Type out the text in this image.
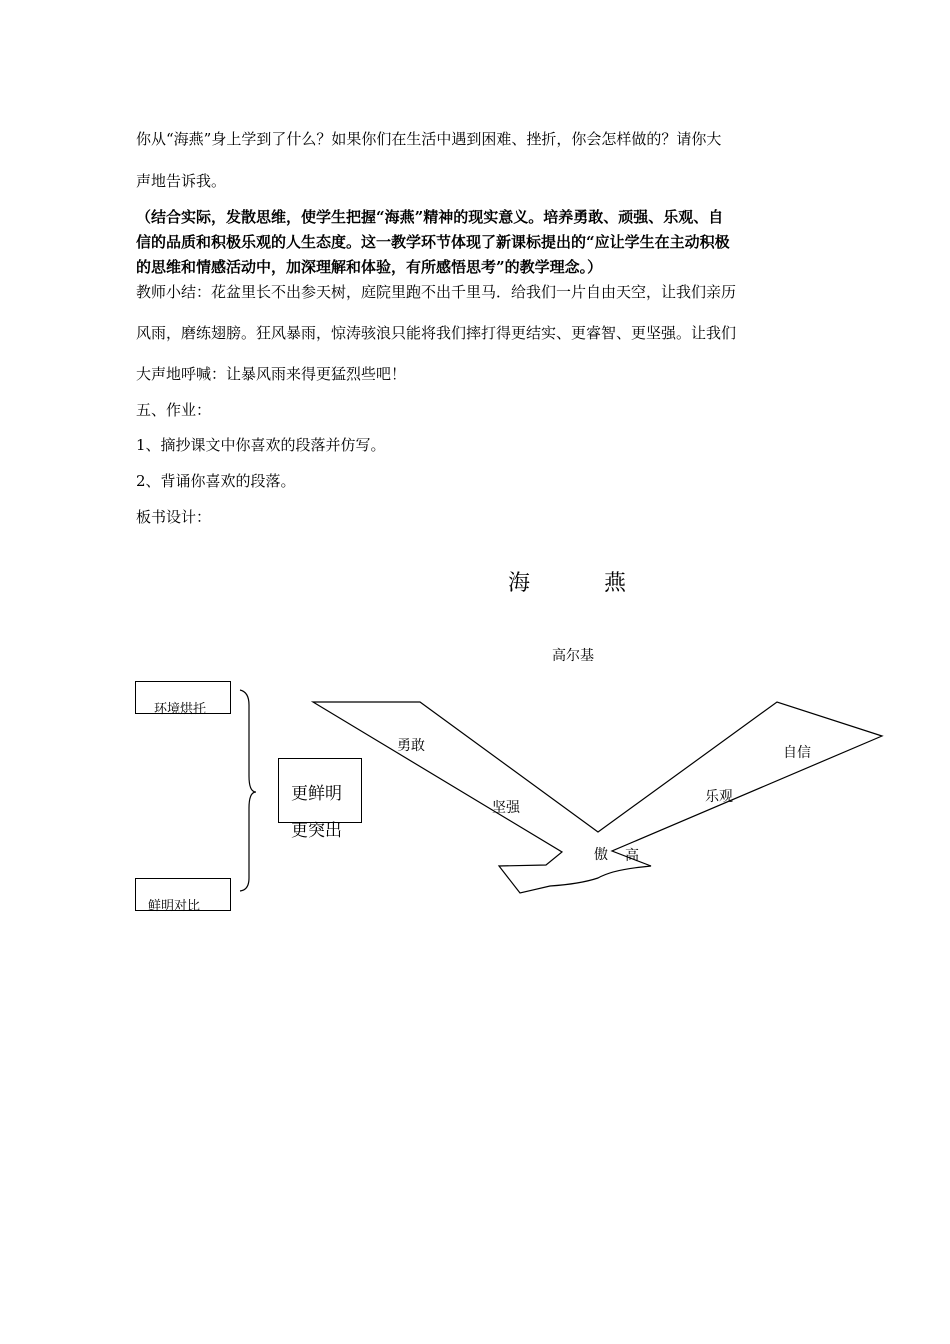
你从“海燕”身上学到了什么？如果你们在生活中遇到困难、挫折，你会怎样做的？请你大
声地告诉我。
（结合实际，发散思维，使学生把握“海燕”精神的现实意义。培养勇敢、顽强、乐观、自
信的品质和积极乐观的人生态度。这一教学环节体现了新课标提出的“应让学生在主动积极
的思维和情感活动中，加深理解和体验，有所感悟思考”的教学理念。）
教师小结：花盆里长不出参天树，庭院里跑不出千里马．给我们一片自由天空，让我们亲历
风雨，磨练翅膀。狂风暴雨，惊涛骇浪只能将我们摔打得更结实、更睿智、更坚强。让我们
大声地呼喊：让暴风雨来得更猛烈些吧！
五、作业：
1、摘抄课文中你喜欢的段落并仿写。
2、背诵你喜欢的段落。
板书设计：
海	燕
高尔基
环境烘托
鲜明对比
更鲜明
更突出
勇敢
坚强
自信
乐观
傲 高
